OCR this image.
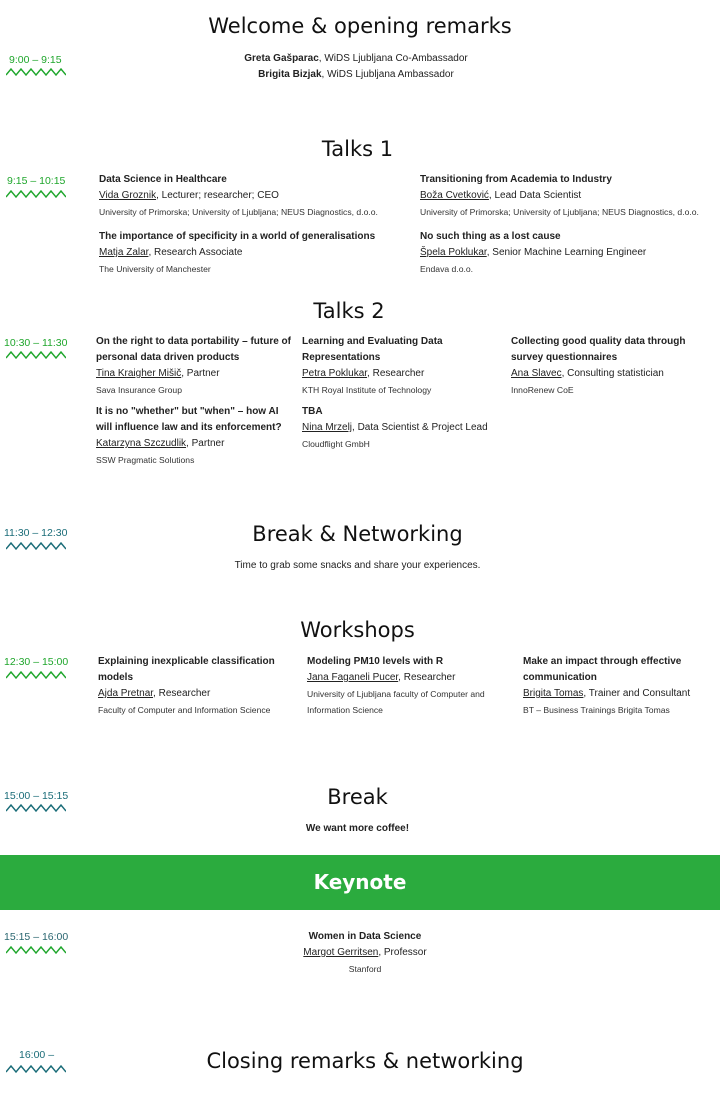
Welcome & opening remarks
9:00 – 9:15	Greta Gašparac, WiDS Ljubljana Co-Ambassador
Brigita Bizjak, WiDS Ljubljana Ambassador
Talks 1
9:15 – 10:15	Data Science in Healthcare
Vida Groznik, Lecturer; researcher; CEO
University of Primorska; University of Ljubljana; NEUS Diagnostics, d.o.o.
Transitioning from Academia to Industry
Boža Cvetković, Lead Data Scientist
University of Primorska; University of Ljubljana; NEUS Diagnostics, d.o.o.
The importance of specificity in a world of generalisations
Matja Zalar, Research Associate
The University of Manchester
No such thing as a lost cause
Špela Poklukar, Senior Machine Learning Engineer
Endava d.o.o.
Talks 2
10:30 – 11:30	On the right to data portability – future of
personal data driven products
Tina Kraigher Mišič, Partner
Sava Insurance Group
Learning and Evaluating Data
Representations
Petra Poklukar, Researcher
KTH Royal Institute of Technology
Collecting good quality data through
survey questionnaires
Ana Slavec, Consulting statistician
InnoRenew CoE
It is no "whether" but "when" – how AI
will influence law and its enforcement?
Katarzyna Szczudlik, Partner
SSW Pragmatic Solutions
TBA
Nina Mrzelj, Data Scientist & Project Lead
Cloudflight GmbH
Break & Networking
11:30 – 12:30
Time to grab some snacks and share your experiences.
Workshops
12:30 – 15:00	Explaining inexplicable classification
models
Ajda Pretnar, Researcher
Faculty of Computer and Information Science
Modeling PM10 levels with R
Jana Faganeli Pucer, Researcher
University of Ljubljana faculty of Computer and
Information Science
Make an impact through effective
communication
Brigita Tomas, Trainer and Consultant
BT – Business Trainings Brigita Tomas
Break
15:00 – 15:15
We want more coffee!
Keynote
15:15 – 16:00	Women in Data Science
Margot Gerritsen, Professor
Stanford
16:00 –	Closing remarks & networking
